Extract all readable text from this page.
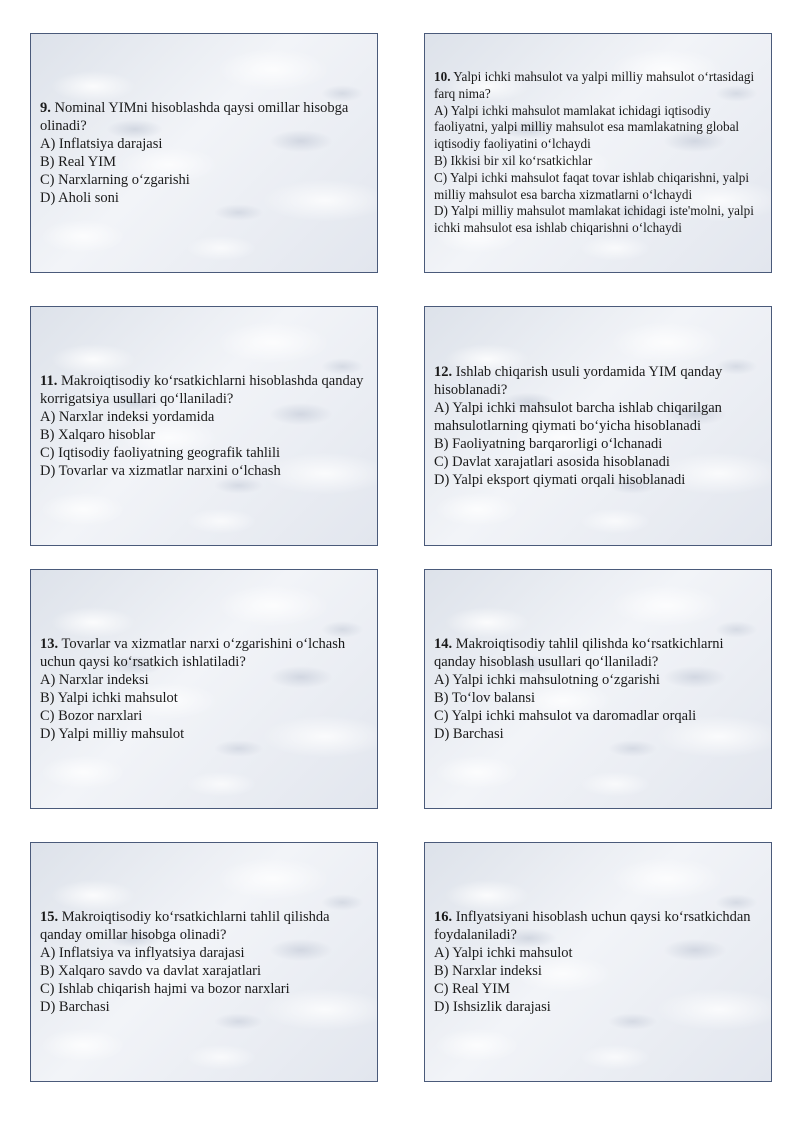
9. Nominal YIMni hisoblashda qaysi omillar hisobga olinadi?

A) Inflatsiya darajasi

B) Real YIM

C) Narxlarning o‘zgarishi

D) Aholi soni

10. Yalpi ichki mahsulot va yalpi milliy mahsulot o‘rtasidagi farq nima?

A) Yalpi ichki mahsulot mamlakat ichidagi iqtisodiy faoliyatni, yalpi milliy mahsulot esa mamlakatning global iqtisodiy faoliyatini o‘lchaydi

B) Ikkisi bir xil ko‘rsatkichlar

C) Yalpi ichki mahsulot faqat tovar ishlab chiqarishni, yalpi milliy mahsulot esa barcha xizmatlarni o‘lchaydi

D) Yalpi milliy mahsulot mamlakat ichidagi iste'molni, yalpi ichki mahsulot esa ishlab chiqarishni o‘lchaydi

11. Makroiqtisodiy ko‘rsatkichlarni hisoblashda qanday korrigatsiya usullari qo‘llaniladi?

A) Narxlar indeksi yordamida

B) Xalqaro hisoblar

C) Iqtisodiy faoliyatning geografik tahlili

D) Tovarlar va xizmatlar narxini o‘lchash

12. Ishlab chiqarish usuli yordamida YIM qanday hisoblanadi?

A) Yalpi ichki mahsulot barcha ishlab chiqarilgan mahsulotlarning qiymati bo‘yicha hisoblanadi

B) Faoliyatning barqarorligi o‘lchanadi

C) Davlat xarajatlari asosida hisoblanadi

D) Yalpi eksport qiymati orqali hisoblanadi

13. Tovarlar va xizmatlar narxi o‘zgarishini o‘lchash uchun qaysi ko‘rsatkich ishlatiladi?

A) Narxlar indeksi

B) Yalpi ichki mahsulot

C) Bozor narxlari

D) Yalpi milliy mahsulot

14. Makroiqtisodiy tahlil qilishda ko‘rsatkichlarni qanday hisoblash usullari qo‘llaniladi?

A) Yalpi ichki mahsulotning o‘zgarishi

B) To‘lov balansi

C) Yalpi ichki mahsulot va daromadlar orqali

D) Barchasi

15. Makroiqtisodiy ko‘rsatkichlarni tahlil qilishda qanday omillar hisobga olinadi?

A) Inflatsiya va inflyatsiya darajasi

B) Xalqaro savdo va davlat xarajatlari

C) Ishlab chiqarish hajmi va bozor narxlari

D) Barchasi

16. Inflyatsiyani hisoblash uchun qaysi ko‘rsatkichdan foydalaniladi?

A) Yalpi ichki mahsulot

B) Narxlar indeksi

C) Real YIM

D) Ishsizlik darajasi
